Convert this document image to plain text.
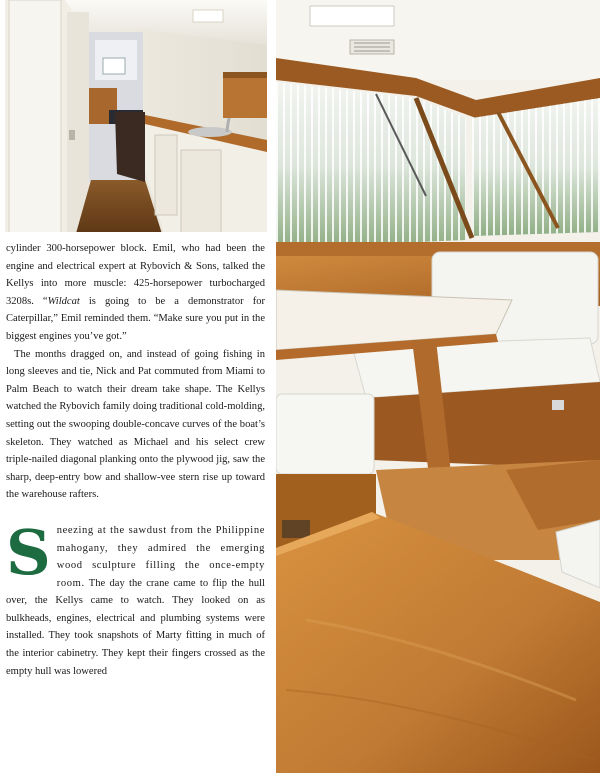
cylinder 300-horsepower block. Emil, who had been the engine and electrical expert at Rybovich & Sons, talked the Kellys into more muscle: 425-horsepower turbocharged 3208s. “Wildcat is going to be a demonstrator for Caterpillar,” Emil reminded them. “Make sure you put in the biggest engines you’ve got.”

The months dragged on, and instead of going fishing in long sleeves and tie, Nick and Pat commuted from Miami to Palm Beach to watch their dream take shape. The Kellys watched the Rybovich family doing traditional cold-molding, setting out the swooping double-concave curves of the boat’s skeleton. They watched as Michael and his select crew triple-nailed diagonal planking onto the plywood jig, saw the sharp, deep-entry bow and shallow-vee stern rise up toward the warehouse rafters.

Sneezing at the sawdust from the Philippine mahogany, they admired the emerging wood sculpture filling the once-empty room. The day the crane came to flip the hull over, the Kellys came to watch. They looked on as bulkheads, engines, electrical and plumbing systems were installed. They took snapshots of Marty fitting in much of the interior cabinetry. They kept their fingers crossed as the empty hull was lowered
